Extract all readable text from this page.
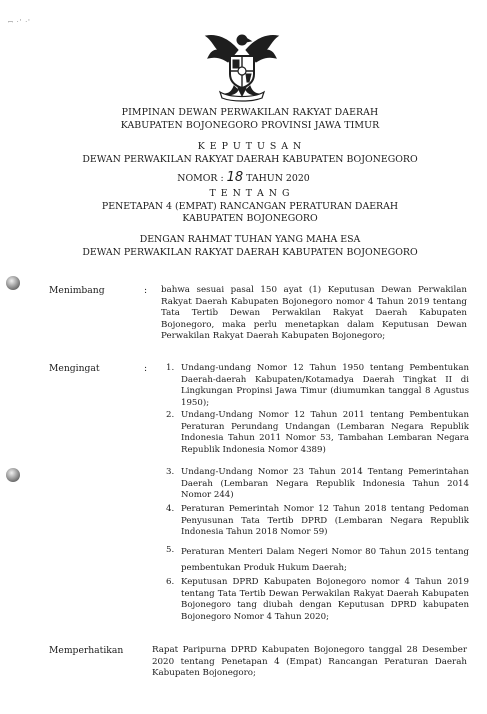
ꟷ ·ꞌ ·ꞌ
PIMPINAN DEWAN PERWAKILAN RAKYAT DAERAH
KABUPATEN BOJONEGORO PROVINSI JAWA TIMUR
K E P U T U S A N
DEWAN PERWAKILAN RAKYAT DAERAH KABUPATEN BOJONEGORO
NOMOR : 18 TAHUN 2020
T E N T A N G
PENETAPAN 4 (EMPAT) RANCANGAN PERATURAN DAERAH
KABUPATEN BOJONEGORO
DENGAN RAHMAT TUHAN YANG MAHA ESA
DEWAN PERWAKILAN RAKYAT DAERAH KABUPATEN BOJONEGORO
Menimbang	: bahwa sesuai pasal 150 ayat (1) Keputusan Dewan Perwakilan Rakyat Daerah Kabupaten Bojonegoro nomor 4 Tahun 2019 tentang Tata Tertib Dewan Perwakilan Rakyat Daerah Kabupaten Bojonegoro, maka perlu menetapkan dalam Keputusan Dewan Perwakilan Rakyat Daerah Kabupaten Bojonegoro;
Mengingat	: 1. Undang-undang Nomor 12 Tahun 1950 tentang Pembentukan Daerah-daerah Kabupaten/Kotamadya Daerah Tingkat II di Lingkungan Propinsi Jawa Timur (diumumkan tanggal 8 Agustus 1950);
2. Undang-Undang Nomor 12 Tahun 2011 tentang Pembentukan Peraturan Perundang Undangan (Lembaran Negara Republik Indonesia Tahun 2011 Nomor 53, Tambahan Lembaran Negara Republik Indonesia Nomor 4389)
3. Undang-Undang Nomor 23 Tahun 2014 Tentang Pemerintahan Daerah (Lembaran Negara Republik Indonesia Tahun 2014 Nomor 244)
4. Peraturan Pemerintah Nomor 12 Tahun 2018 tentang Pedoman Penyusunan Tata Tertib DPRD (Lembaran Negara Republik Indonesia Tahun 2018 Nomor 59)
5. Peraturan Menteri Dalam Negeri Nomor 80 Tahun 2015 tentang pembentukan Produk Hukum Daerah;
6. Keputusan DPRD Kabupaten Bojonegoro nomor 4 Tahun 2019 tentang Tata Tertib Dewan Perwakilan Rakyat Daerah Kabupaten Bojonegoro tang diubah dengan Keputusan DPRD kabupaten Bojonegoro Nomor 4 Tahun 2020;
Memperhatikan	Rapat Paripurna DPRD Kabupaten Bojonegoro tanggal 28 Desember 2020 tentang Penetapan 4 (Empat) Rancangan Peraturan Daerah Kabupaten Bojonegoro;
